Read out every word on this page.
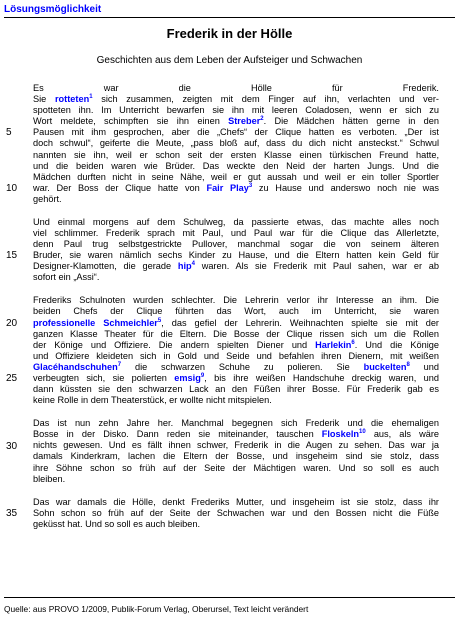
Lösungsmöglichkeit
Frederik in der Hölle
Geschichten aus dem Leben der Aufsteiger und Schwachen
Es war die Hölle für Frederik.
Sie rotteten$^1$ sich zusammen, zeigten mit dem Finger auf ihn, verlachten und ver-
spotteten ihn. Im Unterricht bewarfen sie ihn mit leeren Coladosen, wenn er sich zu
Wort meldete, schimpften sie ihn einen Streber$^2$. Die Mädchen hätten gerne in den
Pausen mit ihm gesprochen, aber die „Chefs“ der Clique hatten es verboten. „Der ist
doch schwul“, geiferte die Meute, „pass bloß auf, dass du dich nicht ansteckst.“ Schwul
nannten sie ihn, weil er schon seit der ersten Klasse einen türkischen Freund hatte,
und die beiden waren wie Brüder. Das weckte den Neid der harten Jungs. Und die
Mädchen durften nicht in seine Nähe, weil er gut aussah und weil er ein toller Sportler
war. Der Boss der Clique hatte von Fair Play$^3$ zu Hause und anderswo noch nie was
gehört.
Und einmal morgens auf dem Schulweg, da passierte etwas, das machte alles noch
viel schlimmer. Frederik sprach mit Paul, und Paul war für die Clique das Allerletzte,
denn Paul trug selbstgestrickte Pullover, manchmal sogar die von seinem älteren
Bruder, sie waren nämlich sechs Kinder zu Hause, und die Eltern hatten kein Geld für
Designer-Klamotten, die gerade hip$^4$ waren. Als sie Frederik mit Paul sahen, war er ab
sofort ein „Assi“.
Frederiks Schulnoten wurden schlechter. Die Lehrerin verlor ihr Interesse an ihm. Die
beiden Chefs der Clique führten das Wort, auch im Unterricht, sie waren
professionelle Schmeichler$^5$, das gefiel der Lehrerin. Weihnachten spielte sie mit der
ganzen Klasse Theater für die Eltern. Die Bosse der Clique rissen sich um die Rollen
der Könige und Offiziere. Die andern spielten Diener und Harlekin$^6$. Und die Könige
und Offiziere kleideten sich in Gold und Seide und befahlen ihren Dienern, mit weißen
Glacéhandschuhen$^7$ die schwarzen Schuhe zu polieren. Sie buckelten$^8$ und
verbeugten sich, sie polierten emsig$^9$, bis ihre weißen Handschuhe dreckig waren, und
dann küssten sie den schwarzen Lack an den Füßen ihrer Bosse. Für Frederik gab es
keine Rolle in dem Theaterstück, er wollte nicht mitspielen.
Das ist nun zehn Jahre her. Manchmal begegnen sich Frederik und die ehemaligen
Bosse in der Disko. Dann reden sie miteinander, tauschen Floskeln$^{10}$ aus, als wäre
nichts gewesen. Und es fällt ihnen schwer, Frederik in die Augen zu sehen. Das war ja
damals Kinderkram, lachen die Eltern der Bosse, und insgeheim sind sie stolz, dass
ihre Söhne schon so früh auf der Seite der Mächtigen waren. Und so soll es auch
bleiben.
Das war damals die Hölle, denkt Frederiks Mutter, und insgeheim ist sie stolz, dass ihr
Sohn schon so früh auf der Seite der Schwachen war und den Bossen nicht die Füße
geküsst hat. Und so soll es auch bleiben.
5
10
15
20
25
30
35
Quelle: aus PROVO 1/2009, Publik-Forum Verlag, Oberursel, Text leicht verändert
